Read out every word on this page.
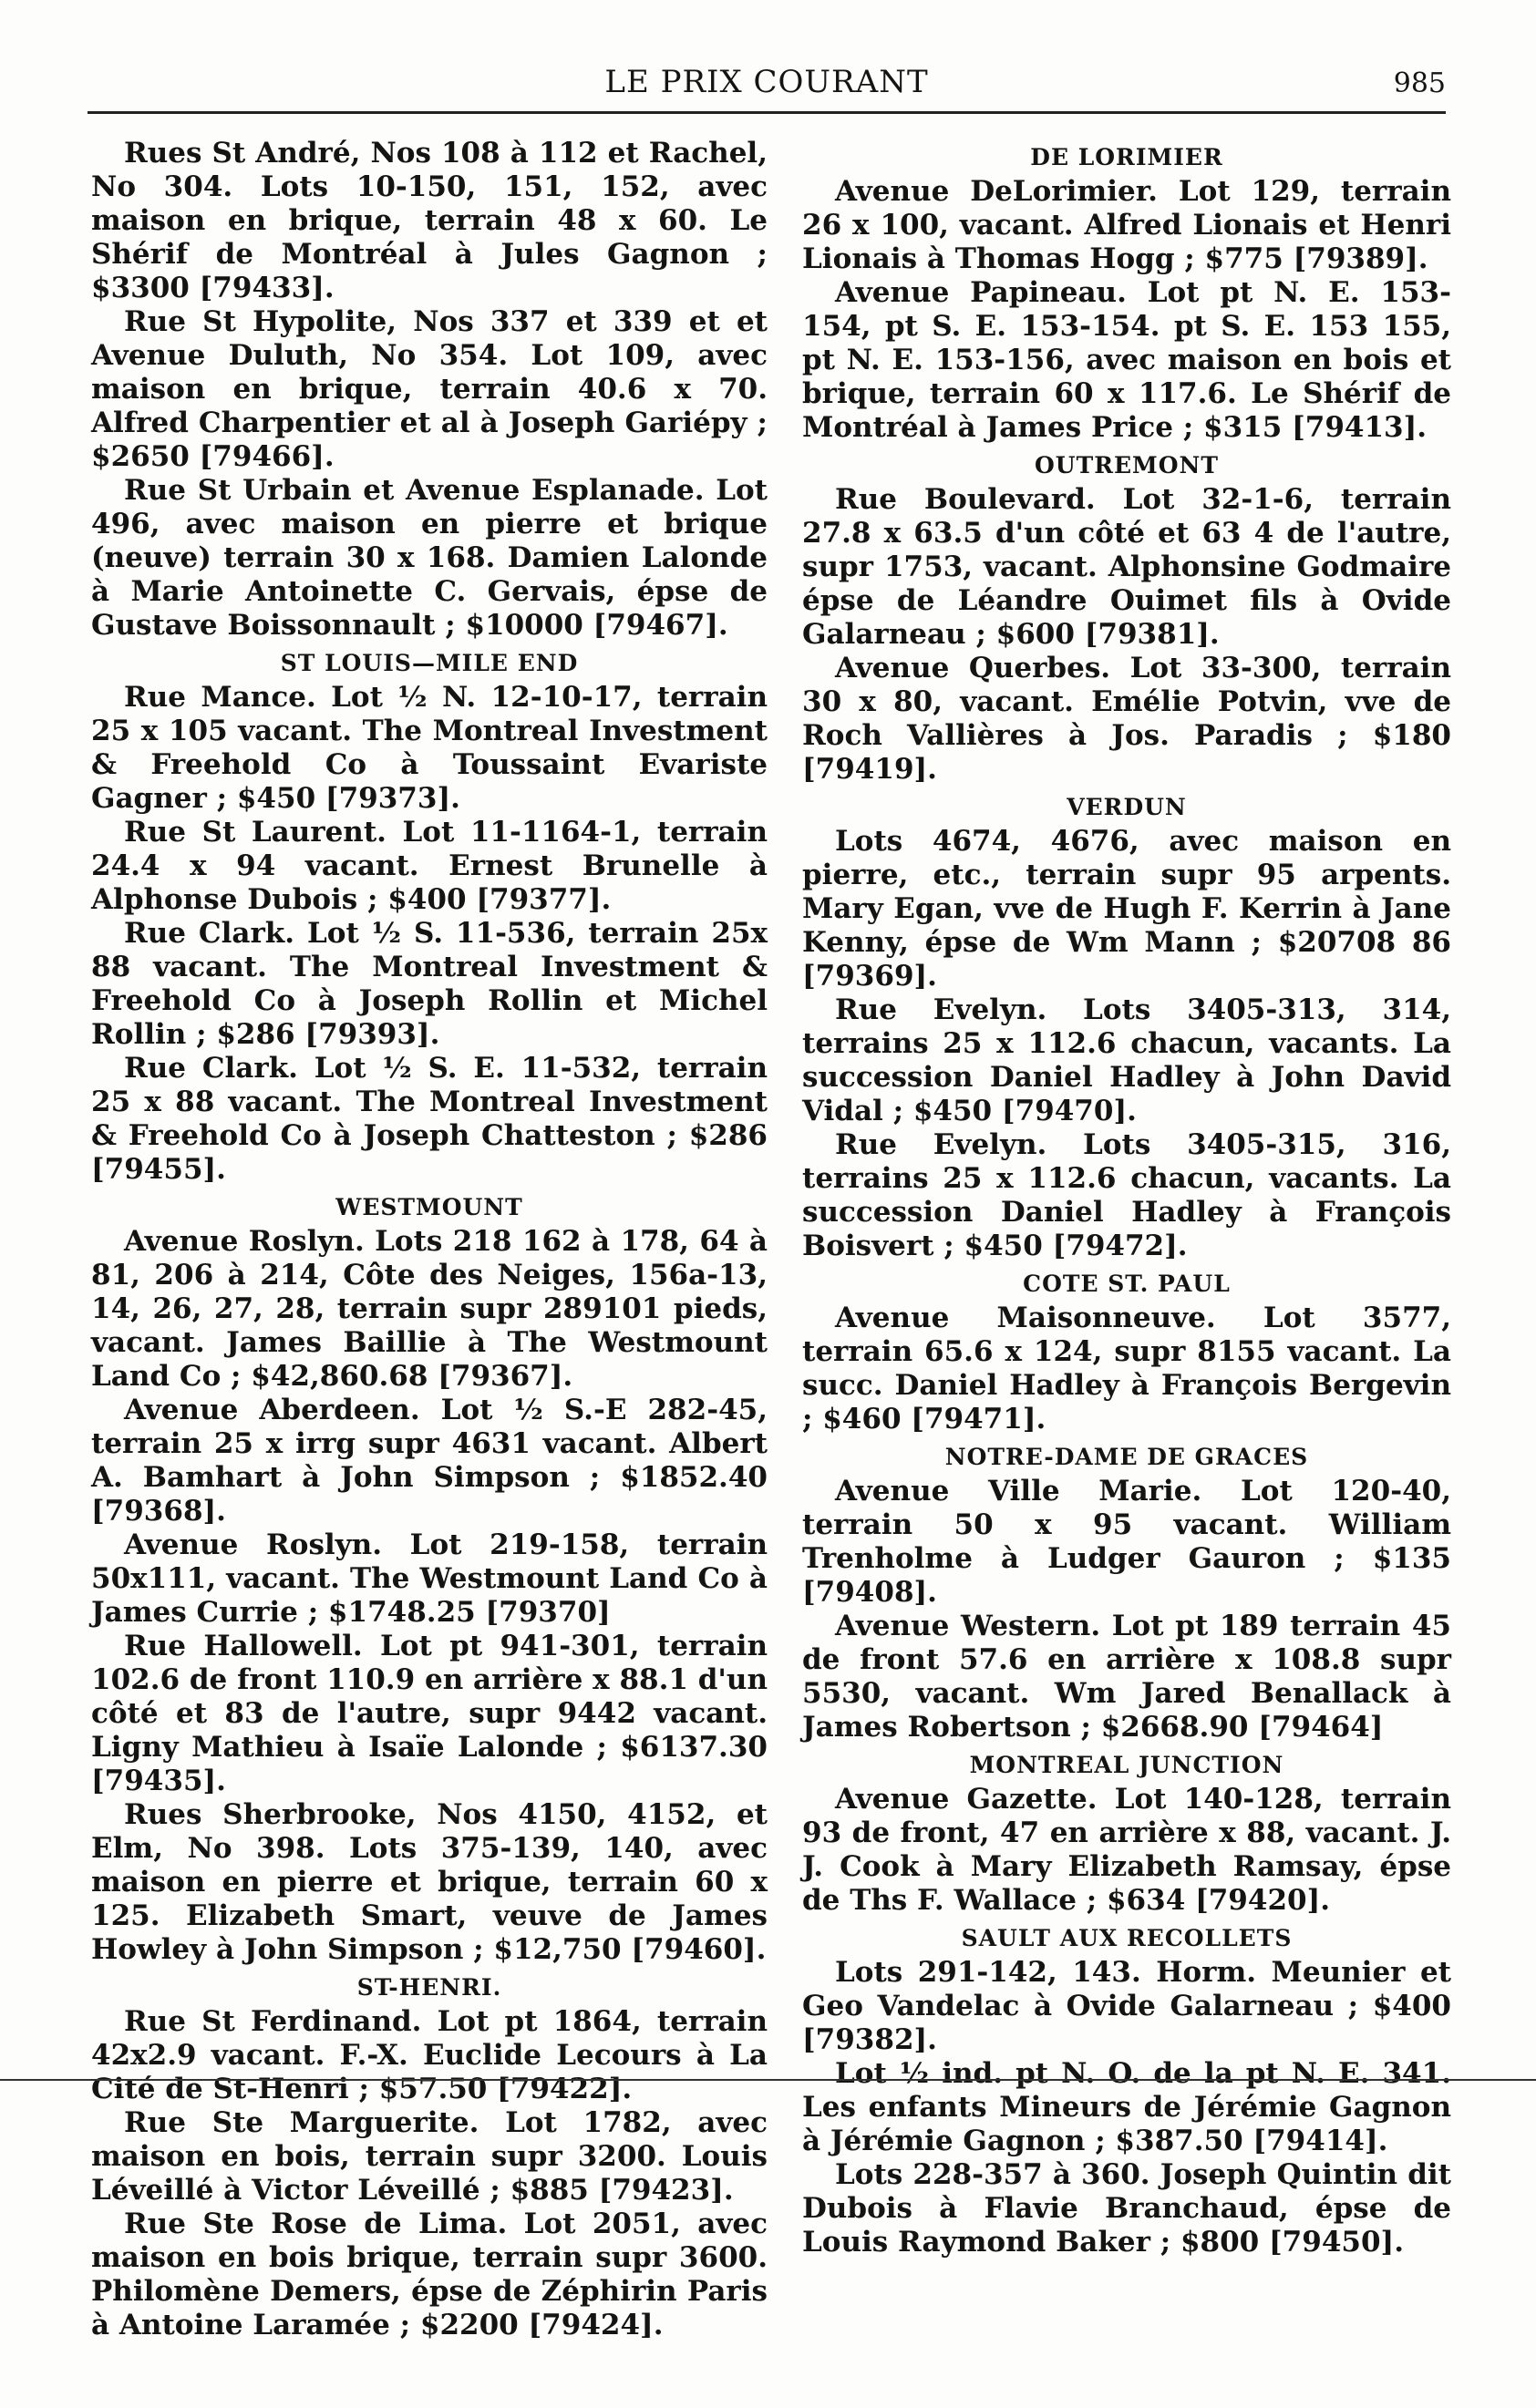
LE PRIX COURANT	985

Rues St André, Nos 108 à 112 et Rachel, No 304. Lots 10-150, 151, 152, avec maison en brique, terrain 48 x 60. Le Shérif de Montréal à Jules Gagnon ; $3300 [79433].

Rue St Hypolite, Nos 337 et 339 et et Avenue Duluth, No 354. Lot 109, avec maison en brique, terrain 40.6 x 70. Alfred Charpentier et al à Joseph Gariépy ; $2650 [79466].

Rue St Urbain et Avenue Esplanade. Lot 496, avec maison en pierre et brique (neuve) terrain 30 x 168. Damien Lalonde à Marie Antoinette C. Gervais, épse de Gustave Boissonnault ; $10000 [79467].

ST LOUIS—MILE END

Rue Mance. Lot ½ N. 12-10-17, terrain 25 x 105 vacant. The Montreal Investment & Freehold Co à Toussaint Evariste Gagner ; $450 [79373].

Rue St Laurent. Lot 11-1164-1, terrain 24.4 x 94 vacant. Ernest Brunelle à Alphonse Dubois ; $400 [79377].

Rue Clark. Lot ½ S. 11-536, terrain 25x 88 vacant. The Montreal Investment & Freehold Co à Joseph Rollin et Michel Rollin ; $286 [79393].

Rue Clark. Lot ½ S. E. 11-532, terrain 25 x 88 vacant. The Montreal Investment & Freehold Co à Joseph Chatteston ; $286 [79455].

WESTMOUNT

Avenue Roslyn. Lots 218 162 à 178, 64 à 81, 206 à 214, Côte des Neiges, 156a-13, 14, 26, 27, 28, terrain supr 289101 pieds, vacant. James Baillie à The Westmount Land Co ; $42,860.68 [79367].

Avenue Aberdeen. Lot ½ S.-E 282-45, terrain 25 x irrg supr 4631 vacant. Albert A. Bamhart à John Simpson ; $1852.40 [79368].

Avenue Roslyn. Lot 219-158, terrain 50x111, vacant. The Westmount Land Co à James Currie ; $1748.25 [79370]

Rue Hallowell. Lot pt 941-301, terrain 102.6 de front 110.9 en arrière x 88.1 d'un côté et 83 de l'autre, supr 9442 vacant. Ligny Mathieu à Isaïe Lalonde ; $6137.30 [79435].

Rues Sherbrooke, Nos 4150, 4152, et Elm, No 398. Lots 375-139, 140, avec maison en pierre et brique, terrain 60 x 125. Elizabeth Smart, veuve de James Howley à John Simpson ; $12,750 [79460].

ST-HENRI.

Rue St Ferdinand. Lot pt 1864, terrain 42x2.9 vacant. F.-X. Euclide Lecours à La Cité de St-Henri ; $57.50 [79422].

Rue Ste Marguerite. Lot 1782, avec maison en bois, terrain supr 3200. Louis Léveillé à Victor Léveillé ; $885 [79423].

Rue Ste Rose de Lima. Lot 2051, avec maison en bois brique, terrain supr 3600. Philomène Demers, épse de Zéphirin Paris à Antoine Laramée ; $2200 [79424].

DE LORIMIER

Avenue DeLorimier. Lot 129, terrain 26 x 100, vacant. Alfred Lionais et Henri Lionais à Thomas Hogg ; $775 [79389].

Avenue Papineau. Lot pt N. E. 153-154, pt S. E. 153-154. pt S. E. 153 155, pt N. E. 153-156, avec maison en bois et brique, terrain 60 x 117.6. Le Shérif de Montréal à James Price ; $315 [79413].

OUTREMONT

Rue Boulevard. Lot 32-1-6, terrain 27.8 x 63.5 d'un côté et 63 4 de l'autre, supr 1753, vacant. Alphonsine Godmaire épse de Léandre Ouimet fils à Ovide Galarneau ; $600 [79381].

Avenue Querbes. Lot 33-300, terrain 30 x 80, vacant. Emélie Potvin, vve de Roch Vallières à Jos. Paradis ; $180 [79419].

VERDUN

Lots 4674, 4676, avec maison en pierre, etc., terrain supr 95 arpents. Mary Egan, vve de Hugh F. Kerrin à Jane Kenny, épse de Wm Mann ; $20708 86 [79369].

Rue Evelyn. Lots 3405-313, 314, terrains 25 x 112.6 chacun, vacants. La succession Daniel Hadley à John David Vidal ; $450 [79470].

Rue Evelyn. Lots 3405-315, 316, terrains 25 x 112.6 chacun, vacants. La succession Daniel Hadley à François Boisvert ; $450 [79472].

COTE ST. PAUL

Avenue Maisonneuve. Lot 3577, terrain 65.6 x 124, supr 8155 vacant. La succ. Daniel Hadley à François Bergevin ; $460 [79471].

NOTRE-DAME DE GRACES

Avenue Ville Marie. Lot 120-40, terrain 50 x 95 vacant. William Trenholme à Ludger Gauron ; $135 [79408].

Avenue Western. Lot pt 189 terrain 45 de front 57.6 en arrière x 108.8 supr 5530, vacant. Wm Jared Benallack à James Robertson ; $2668.90 [79464]

MONTREAL JUNCTION

Avenue Gazette. Lot 140-128, terrain 93 de front, 47 en arrière x 88, vacant. J. J. Cook à Mary Elizabeth Ramsay, épse de Ths F. Wallace ; $634 [79420].

SAULT AUX RECOLLETS

Lots 291-142, 143. Horm. Meunier et Geo Vandelac à Ovide Galarneau ; $400 [79382].

Lot ½ ind. pt N. O. de la pt N. E. 341. Les enfants Mineurs de Jérémie Gagnon à Jérémie Gagnon ; $387.50 [79414].

Lots 228-357 à 360. Joseph Quintin dit Dubois à Flavie Branchaud, épse de Louis Raymond Baker ; $800 [79450].
